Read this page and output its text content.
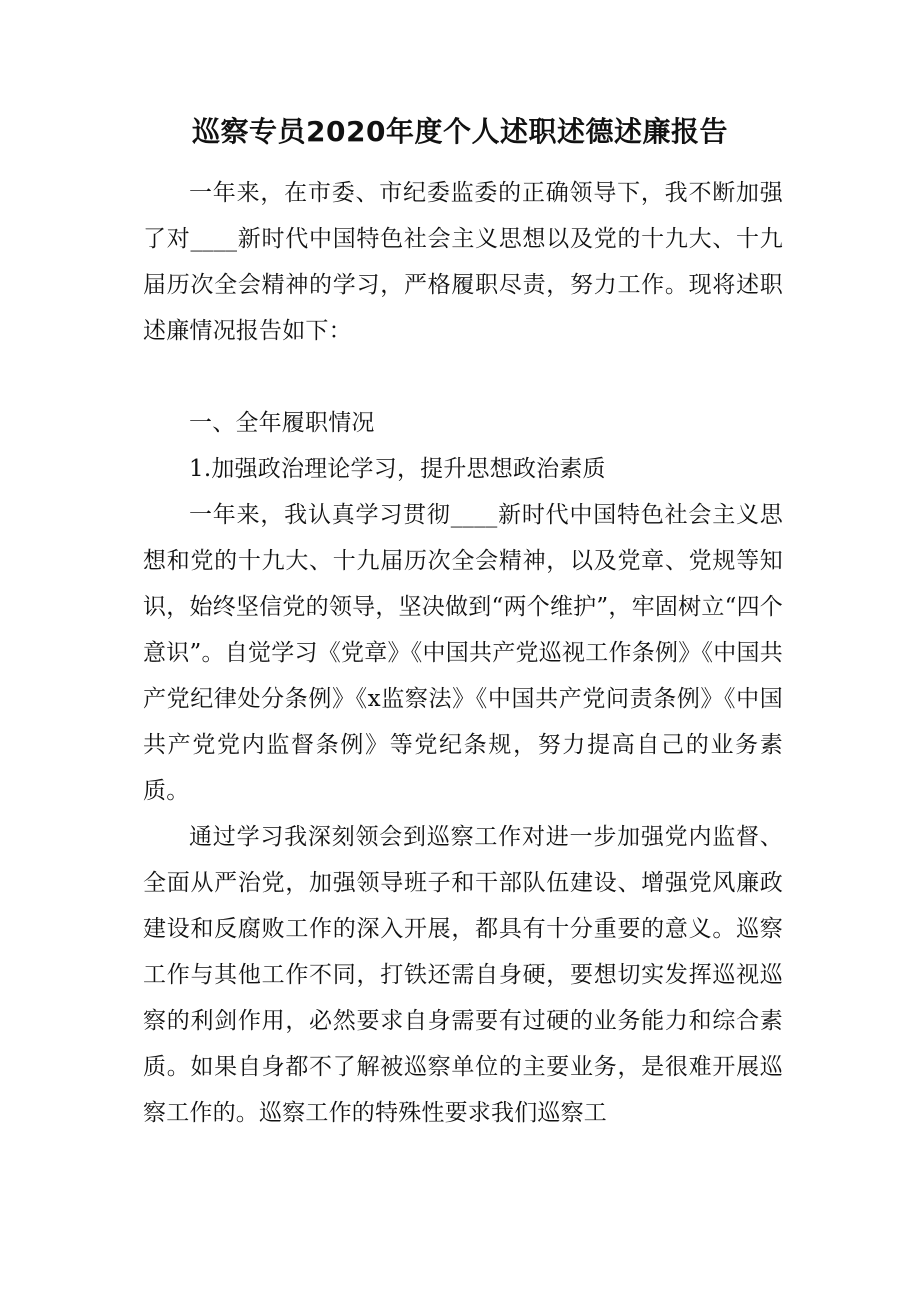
巡察专员2020年度个人述职述德述廉报告

一年来，在市委、市纪委监委的正确领导下，我不断加强了对____新时代中国特色社会主义思想以及党的十九大、十九届历次全会精神的学习，严格履职尽责，努力工作。现将述职述廉情况报告如下：

一、全年履职情况

1.加强政治理论学习，提升思想政治素质

一年来，我认真学习贯彻____新时代中国特色社会主义思想和党的十九大、十九届历次全会精神，以及党章、党规等知识，始终坚信党的领导，坚决做到“两个维护”，牢固树立“四个意识”。自觉学习《党章》《中国共产党巡视工作条例》《中国共产党纪律处分条例》《x监察法》《中国共产党问责条例》《中国共产党党内监督条例》等党纪条规，努力提高自己的业务素质。

通过学习我深刻领会到巡察工作对进一步加强党内监督、全面从严治党，加强领导班子和干部队伍建设、增强党风廉政建设和反腐败工作的深入开展，都具有十分重要的意义。巡察工作与其他工作不同，打铁还需自身硬，要想切实发挥巡视巡察的利剑作用，必然要求自身需要有过硬的业务能力和综合素质。如果自身都不了解被巡察单位的主要业务，是很难开展巡察工作的。巡察工作的特殊性要求我们巡察工
